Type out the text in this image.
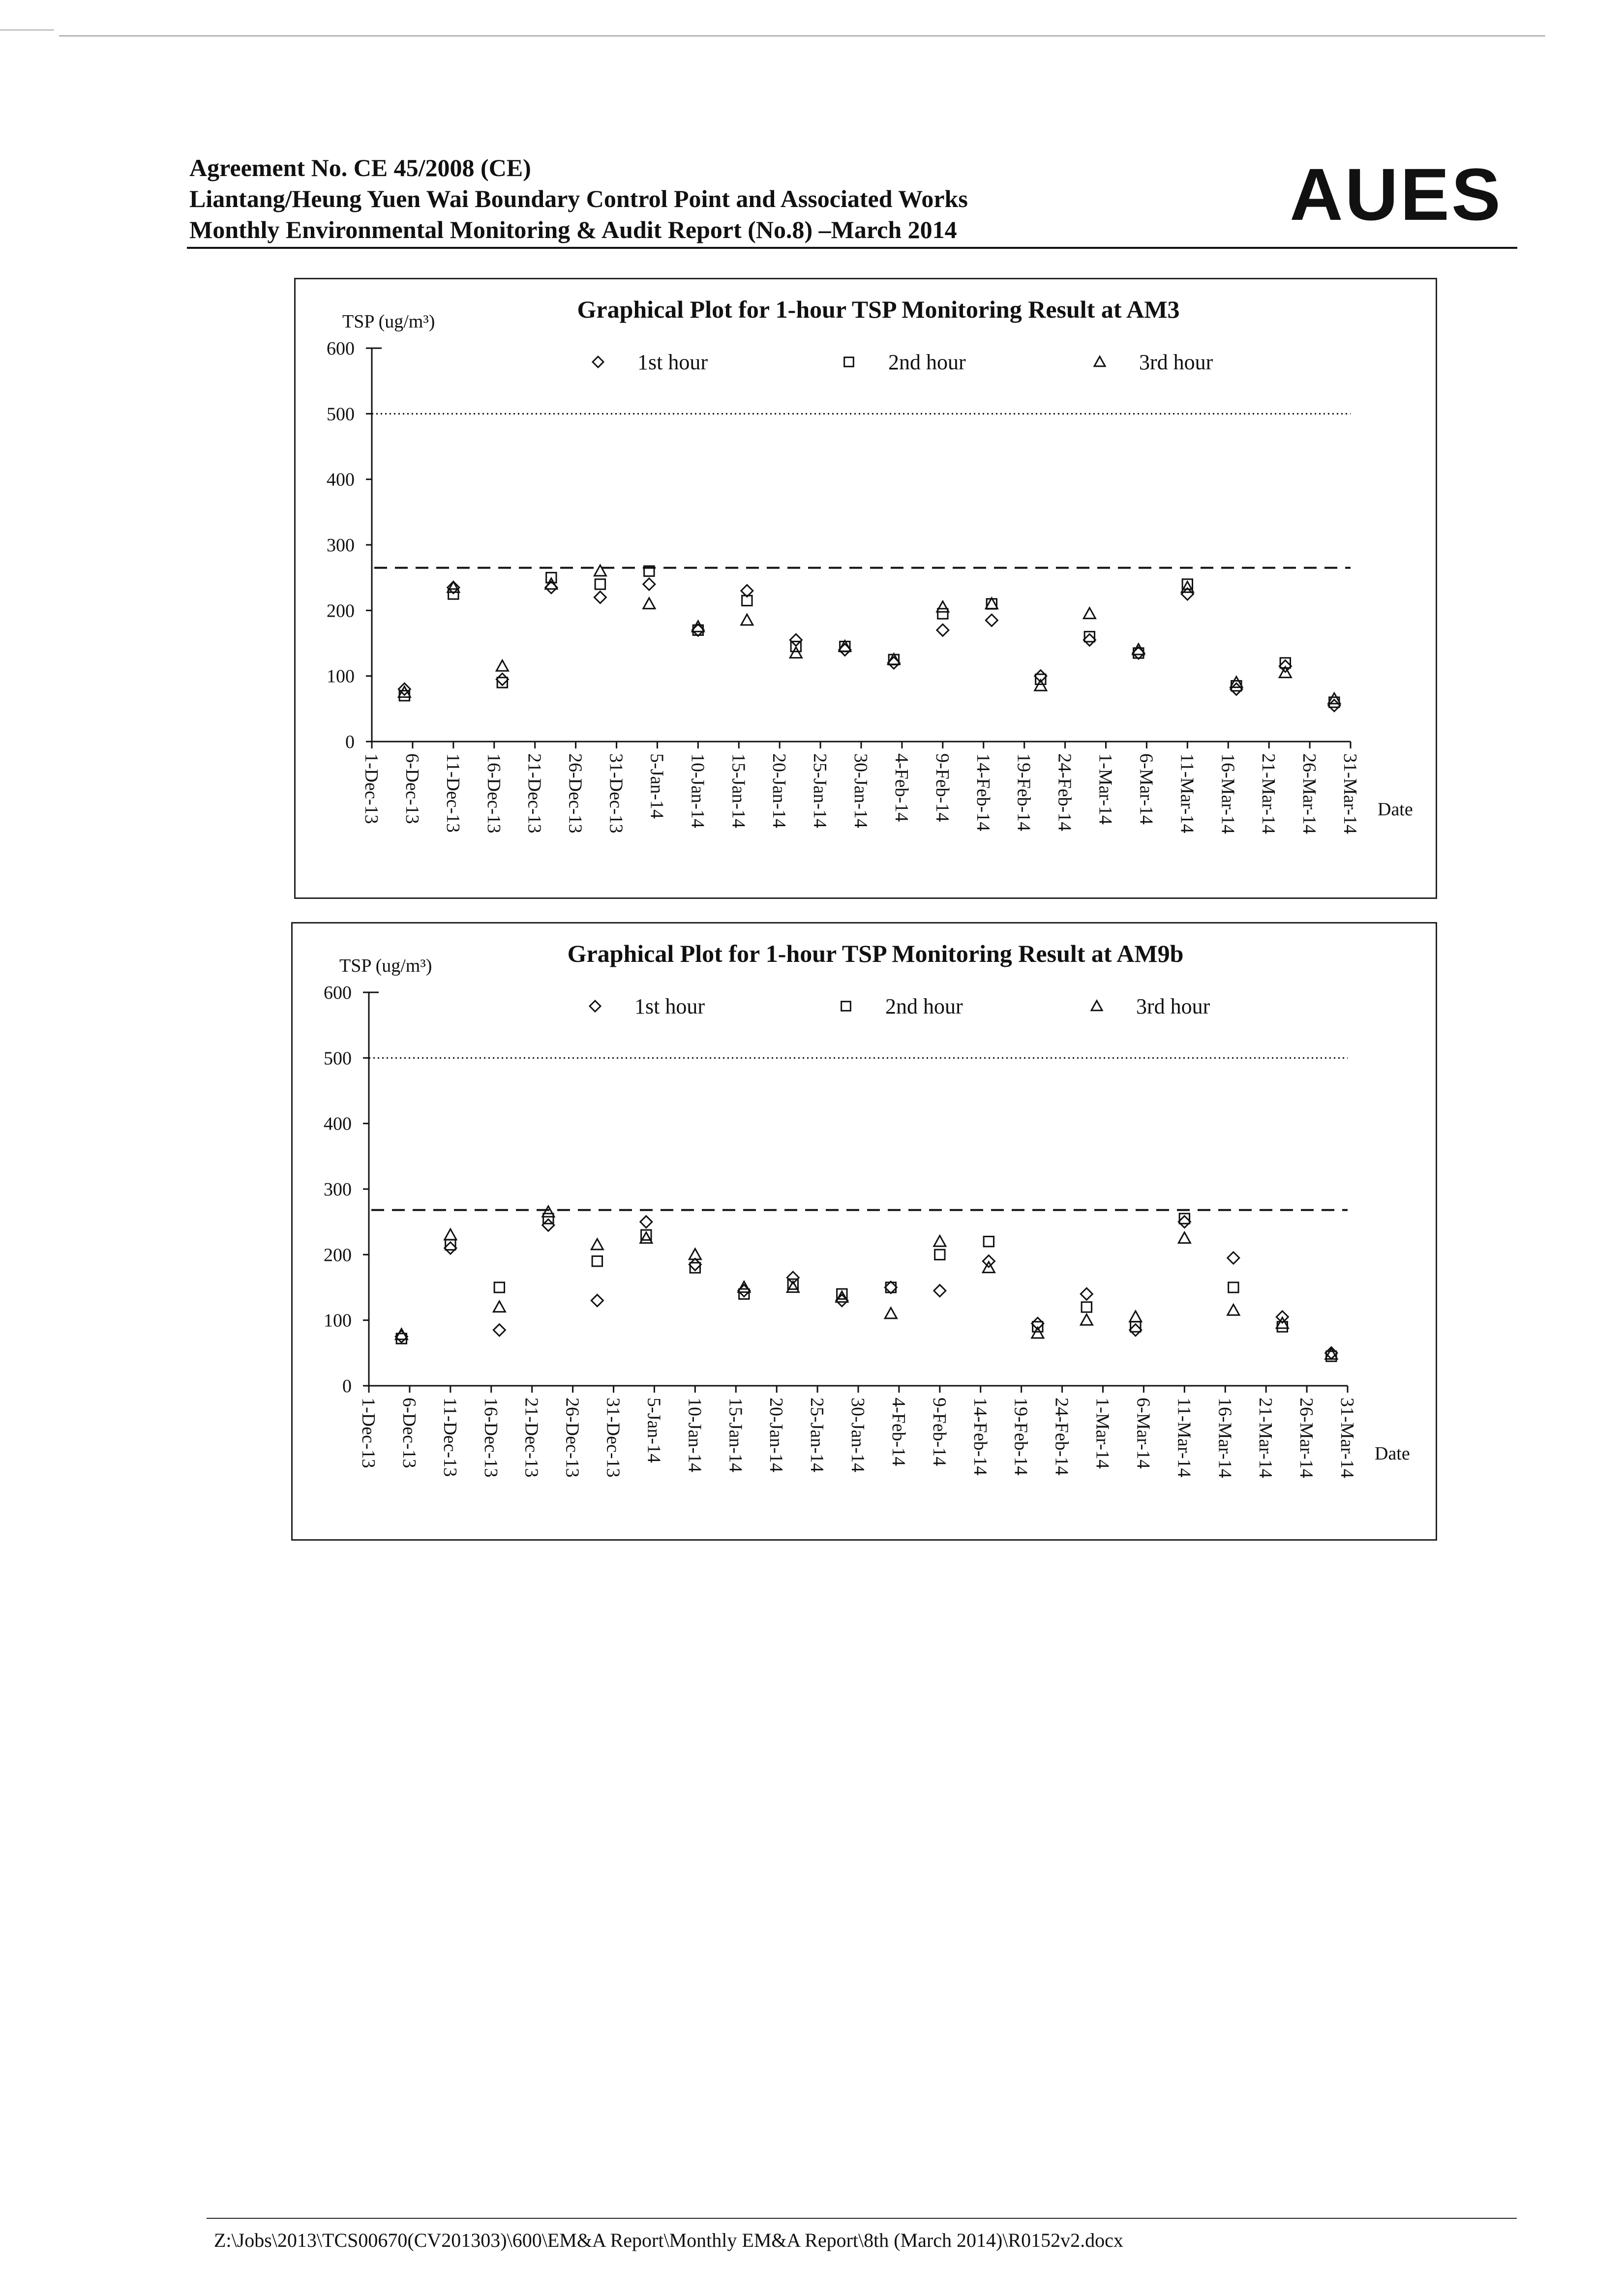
Agreement No. CE 45/2008 (CE)
Liantang/Heung Yuen Wai Boundary Control Point and Associated Works
Monthly Environmental Monitoring & Audit Report (No.8) –March 2014	AUES
Graphical Plot for 1-hour TSP Monitoring Result at AM3
TSP (ug/m³)
Date
0
100
200
300
400
500
600
1-Dec-13 6-Dec-13 11-Dec-13 16-Dec-13 21-Dec-13 26-Dec-13 31-Dec-13 5-Jan-14 10-Jan-14 15-Jan-14 20-Jan-14 25-Jan-14 30-Jan-14 4-Feb-14 9-Feb-14 14-Feb-14 19-Feb-14 24-Feb-14 1-Mar-14 6-Mar-14 11-Mar-14 16-Mar-14 21-Mar-14 26-Mar-14 31-Mar-14
1st hour	2nd hour	3rd hour
Graphical Plot for 1-hour TSP Monitoring Result at AM9b
TSP (ug/m³)
Date
0
100
200
300
400
500
600
1-Dec-13 6-Dec-13 11-Dec-13 16-Dec-13 21-Dec-13 26-Dec-13 31-Dec-13 5-Jan-14 10-Jan-14 15-Jan-14 20-Jan-14 25-Jan-14 30-Jan-14 4-Feb-14 9-Feb-14 14-Feb-14 19-Feb-14 24-Feb-14 1-Mar-14 6-Mar-14 11-Mar-14 16-Mar-14 21-Mar-14 26-Mar-14 31-Mar-14
1st hour	2nd hour	3rd hour
Z:\Jobs\2013\TCS00670(CV201303)\600\EM&A Report\Monthly EM&A Report\8th (March 2014)\R0152v2.docx
